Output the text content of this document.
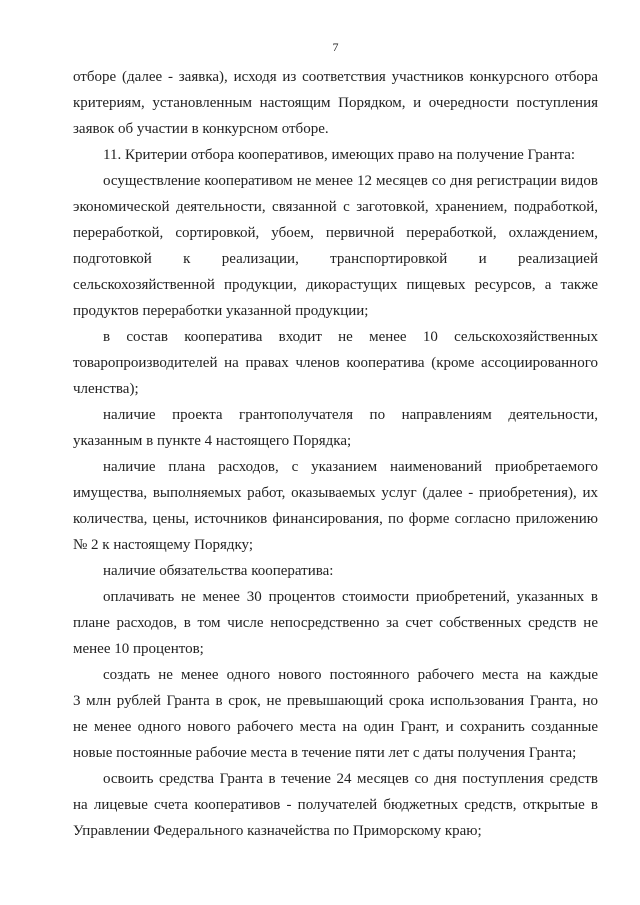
7
отборе (далее - заявка), исходя из соответствия участников конкурсного отбора
критериям, установленным настоящим Порядком, и очередности поступления
заявок об участии в конкурсном отборе.
11. Критерии отбора кооперативов, имеющих право на получение Гранта:
осуществление кооперативом не менее 12 месяцев со дня регистрации видов
экономической деятельности, связанной с заготовкой, хранением, подработкой,
переработкой, сортировкой, убоем, первичной переработкой, охлаждением,
подготовкой к реализации, транспортировкой и реализацией
сельскохозяйственной продукции, дикорастущих пищевых ресурсов, а также
продуктов переработки указанной продукции;
в состав кооператива входит не менее 10 сельскохозяйственных
товаропроизводителей на правах членов кооператива (кроме ассоциированного
членства);
наличие проекта грантополучателя по направлениям деятельности,
указанным в пункте 4 настоящего Порядка;
наличие плана расходов, с указанием наименований приобретаемого
имущества, выполняемых работ, оказываемых услуг (далее - приобретения), их
количества, цены, источников финансирования, по форме согласно приложению
№ 2 к настоящему Порядку;
наличие обязательства кооператива:
оплачивать не менее 30 процентов стоимости приобретений, указанных в
плане расходов, в том числе непосредственно за счет собственных средств не
менее 10 процентов;
создать не менее одного нового постоянного рабочего места на каждые
3 млн рублей Гранта в срок, не превышающий срока использования Гранта, но
не менее одного нового рабочего места на один Грант, и сохранить созданные
новые постоянные рабочие места в течение пяти лет с даты получения Гранта;
освоить средства Гранта в течение 24 месяцев со дня поступления средств
на лицевые счета кооперативов - получателей бюджетных средств, открытые в
Управлении Федерального казначейства по Приморскому краю;
